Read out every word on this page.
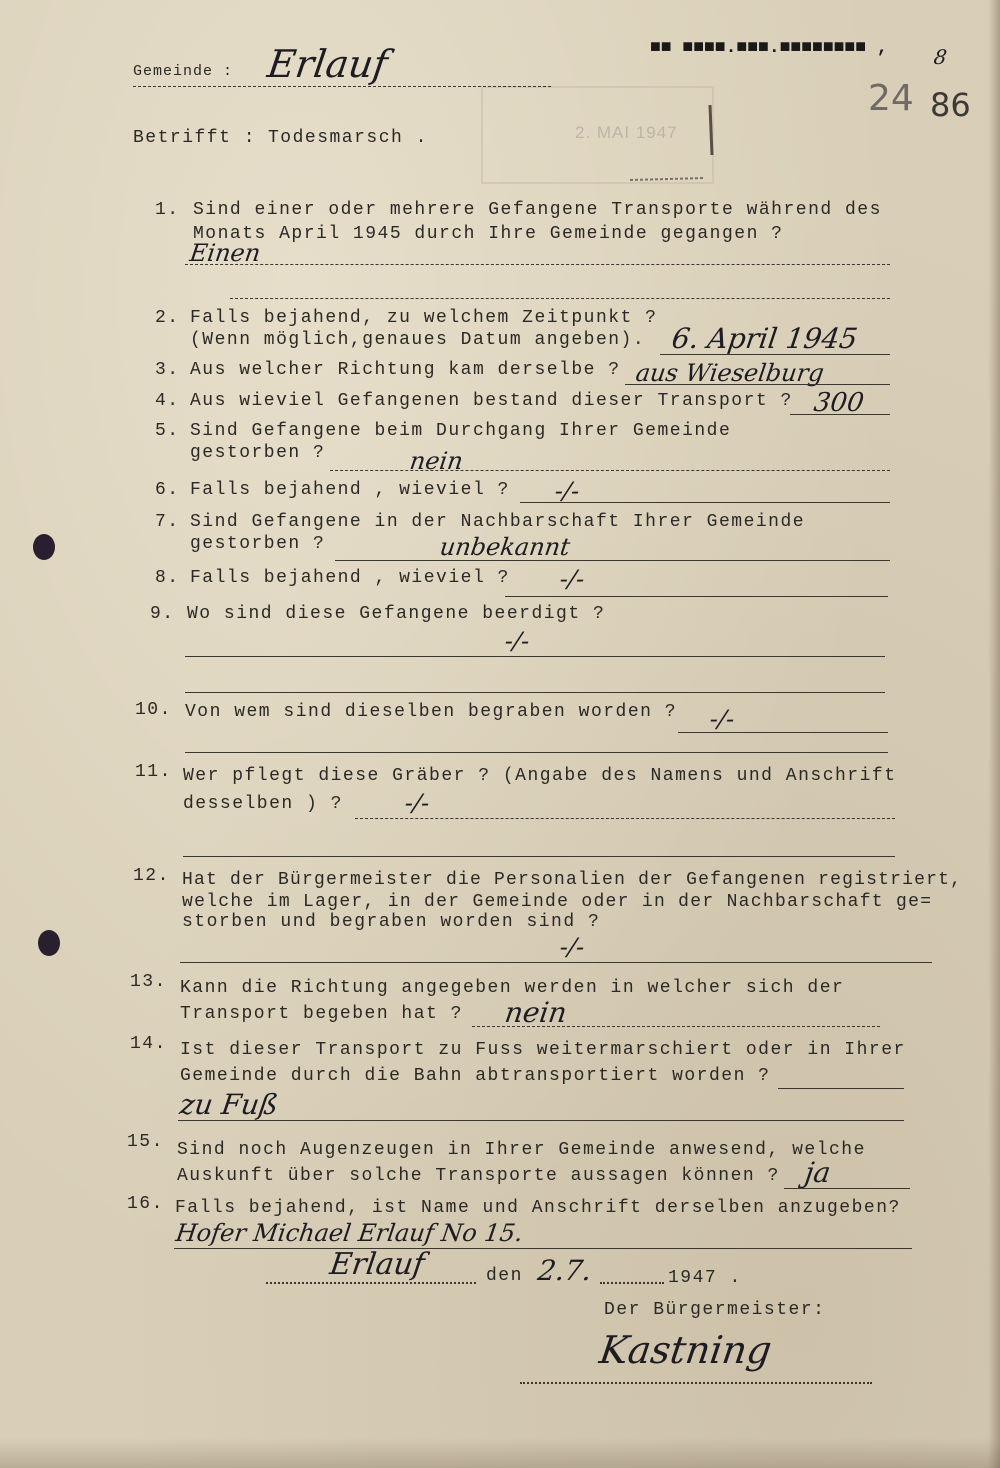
■■ ■■■■.■■■.■■■■■■■■ , 8
24 86
2. MAI 1947
Gemeinde : Erlauf
Betrifft : Todesmarsch .
1. Sind einer oder mehrere Gefangene Transporte während des
Monats April 1945 durch Ihre Gemeinde gegangen ?
Einen
2. Falls bejahend, zu welchem Zeitpunkt ?
(Wenn möglich,genaues Datum angeben). 6. April 1945
3. Aus welcher Richtung kam derselbe ? aus Wieselburg
4. Aus wieviel Gefangenen bestand dieser Transport ? 300
5. Sind Gefangene beim Durchgang Ihrer Gemeinde
gestorben ?	nein
6. Falls bejahend , wieviel ? -/-
7. Sind Gefangene in der Nachbarschaft Ihrer Gemeinde
gestorben ?	unbekannt
8. Falls bejahend , wieviel ? -/-
9. Wo sind diese Gefangene beerdigt ?
-/-
10. Von wem sind dieselben begraben worden ? -/-
11. Wer pflegt diese Gräber ? (Angabe des Namens und Anschrift
desselben ) ?	-/-
12. Hat der Bürgermeister die Personalien der Gefangenen registriert,
welche im Lager, in der Gemeinde oder in der Nachbarschaft ge=
storben und begraben worden sind ?
-/-
13. Kann die Richtung angegeben werden in welcher sich der
Transport begeben hat ? nein
14. Ist dieser Transport zu Fuss weitermarschiert oder in Ihrer
Gemeinde durch die Bahn abtransportiert worden ?
zu Fuß
15. Sind noch Augenzeugen in Ihrer Gemeinde anwesend, welche
Auskunft über solche Transporte aussagen können ? ja
16. Falls bejahend, ist Name und Anschrift derselben anzugeben?
Hofer Michael Erlauf No 15.
Erlauf	den 2.7.	1947 .
Der Bürgermeister:
Kastning
